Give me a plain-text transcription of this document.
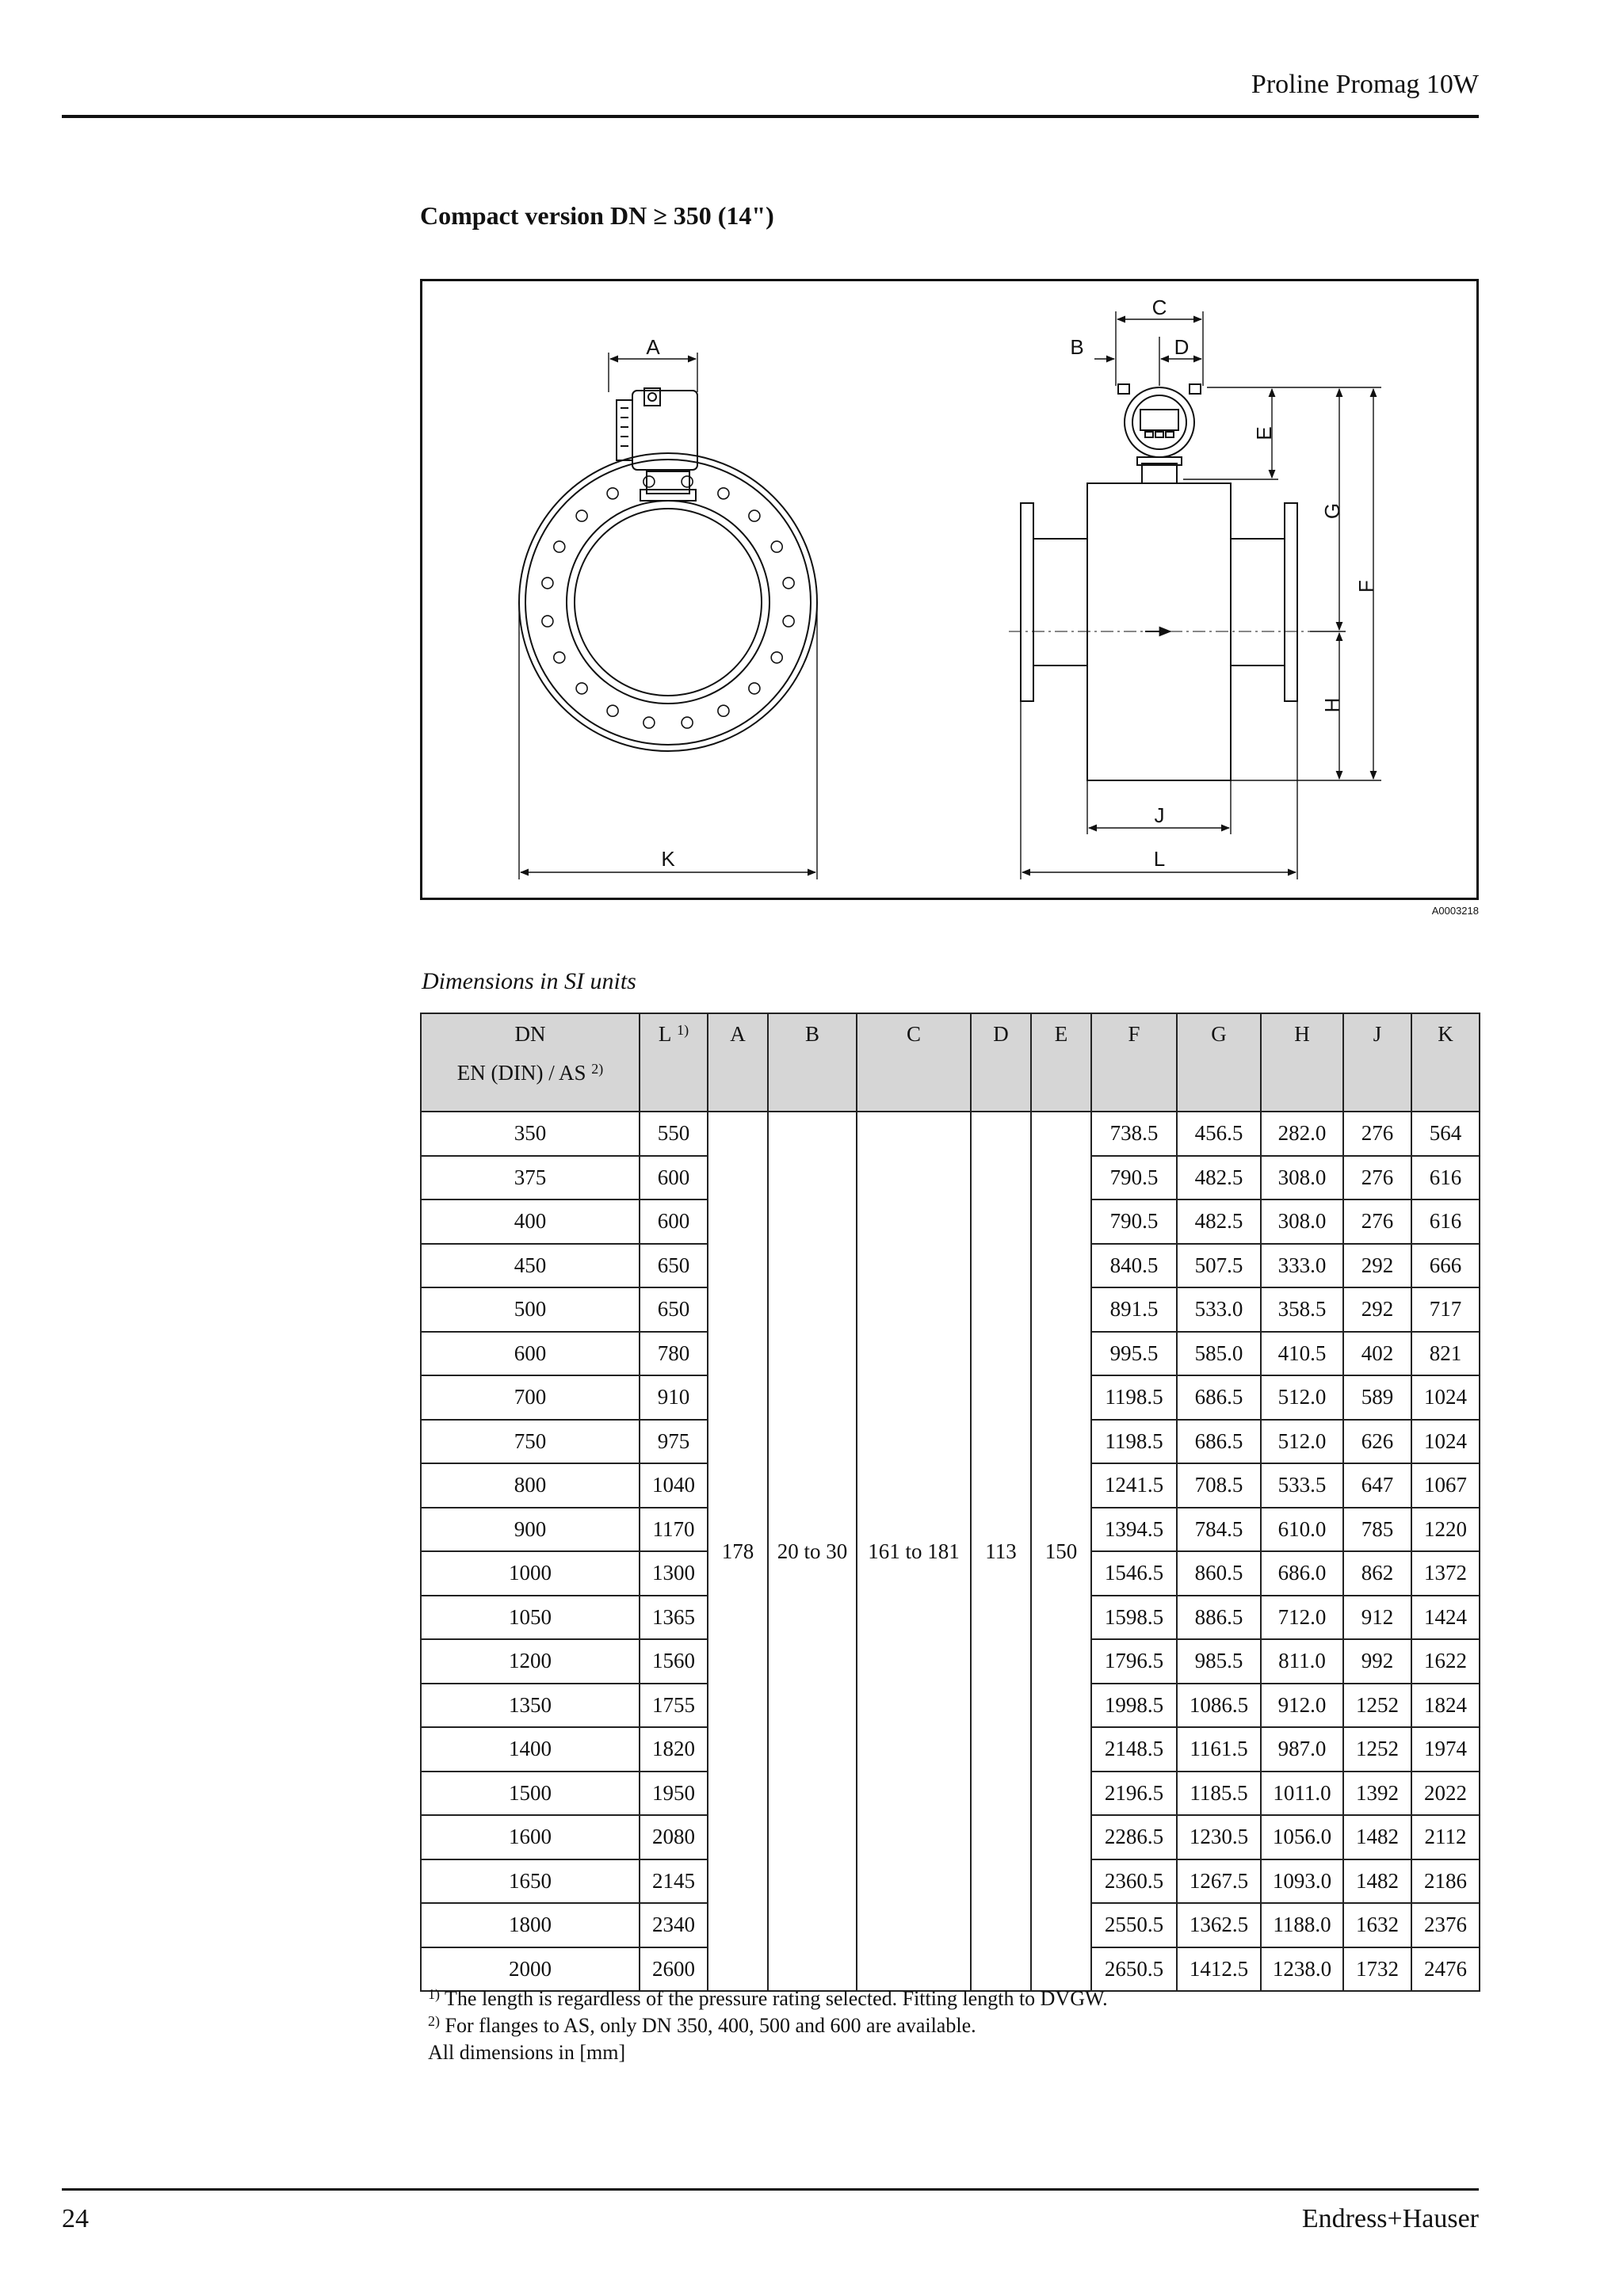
Proline Promag 10W
Compact version DN ≥ 350 (14")
A
K
C
B	D
E
G
F
H
J
L
A0003218
Dimensions in SI units
DN
EN (DIN) / AS $^{2)}$	L $^{1)}$	A	B	C	D	E	F	G	H	J	K
350	550	178	20 to 30	161 to 181	113	150	738.5	456.5	282.0	276	564
375	600						790.5	482.5	308.0	276	616
400	600						790.5	482.5	308.0	276	616
450	650						840.5	507.5	333.0	292	666
500	650						891.5	533.0	358.5	292	717
600	780						995.5	585.0	410.5	402	821
700	910						1198.5	686.5	512.0	589	1024
750	975						1198.5	686.5	512.0	626	1024
800	1040						1241.5	708.5	533.5	647	1067
900	1170						1394.5	784.5	610.0	785	1220
1000	1300						1546.5	860.5	686.0	862	1372
1050	1365						1598.5	886.5	712.0	912	1424
1200	1560						1796.5	985.5	811.0	992	1622
1350	1755						1998.5	1086.5	912.0	1252	1824
1400	1820						2148.5	1161.5	987.0	1252	1974
1500	1950						2196.5	1185.5	1011.0	1392	2022
1600	2080						2286.5	1230.5	1056.0	1482	2112
1650	2145						2360.5	1267.5	1093.0	1482	2186
1800	2340						2550.5	1362.5	1188.0	1632	2376
2000	2600						2650.5	1412.5	1238.0	1732	2476
$^{1)}$ The length is regardless of the pressure rating selected. Fitting length to DVGW.
$^{2)}$ For flanges to AS, only DN 350, 400, 500 and 600 are available.
All dimensions in [mm]
24	Endress+Hauser
